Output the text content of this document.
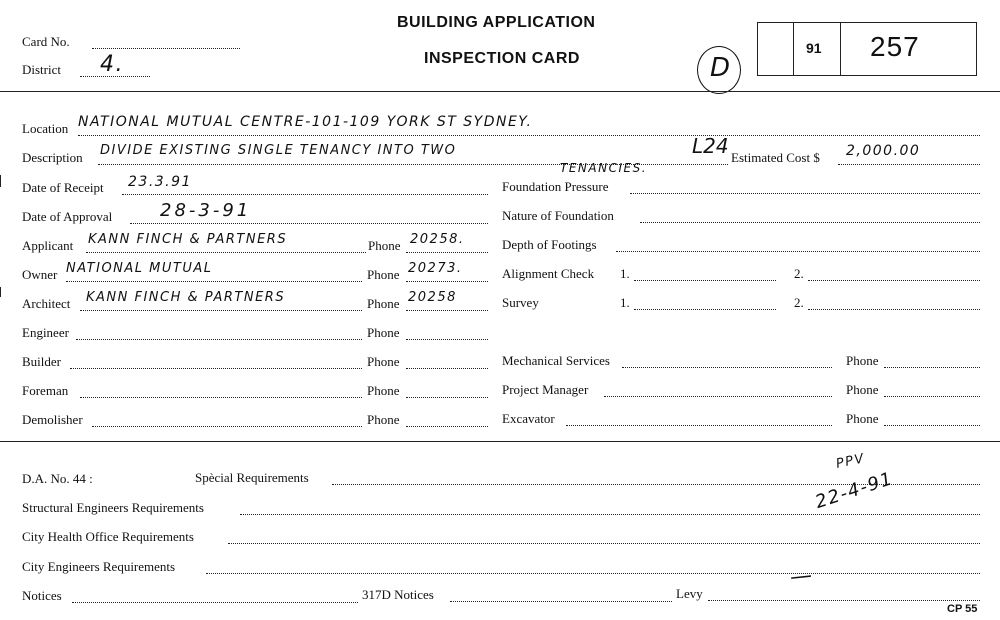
Card No.
District 4.
BUILDING APPLICATION
INSPECTION CARD	D
91 257
Location NATIONAL MUTUAL CENTRE-101-109 YORK ST SYDNEY.
Description DIVIDE EXISTING SINGLE TENANCY INTO TWO
TENANCIES.
L24 Estimated Cost $ 2,000.00
Date of Receipt 23.3.91
Date of Approval	28-3-91
Applicant KANN FINCH & PARTNERS	Phone 20258.
Owner NATIONAL MUTUAL	Phone 20273.
Architect KANN FINCH & PARTNERS	Phone 20258
Engineer	Phone
Builder	Phone
Foreman	Phone
Demolisher	Phone
Foundation Pressure
Nature of Foundation
Depth of Footings
Alignment Check 1.	2.
Survey	1.	2.
Mechanical Services	Phone
Project Manager	Phone
Excavator	Phone
D.A. No. 44 :	Spècial Requirements
PPV
22-4-91
Structural Engineers Requirements
City Health Office Requirements
City Engineers Requirements
Notices	317D Notices	Levy
—
CP 55
